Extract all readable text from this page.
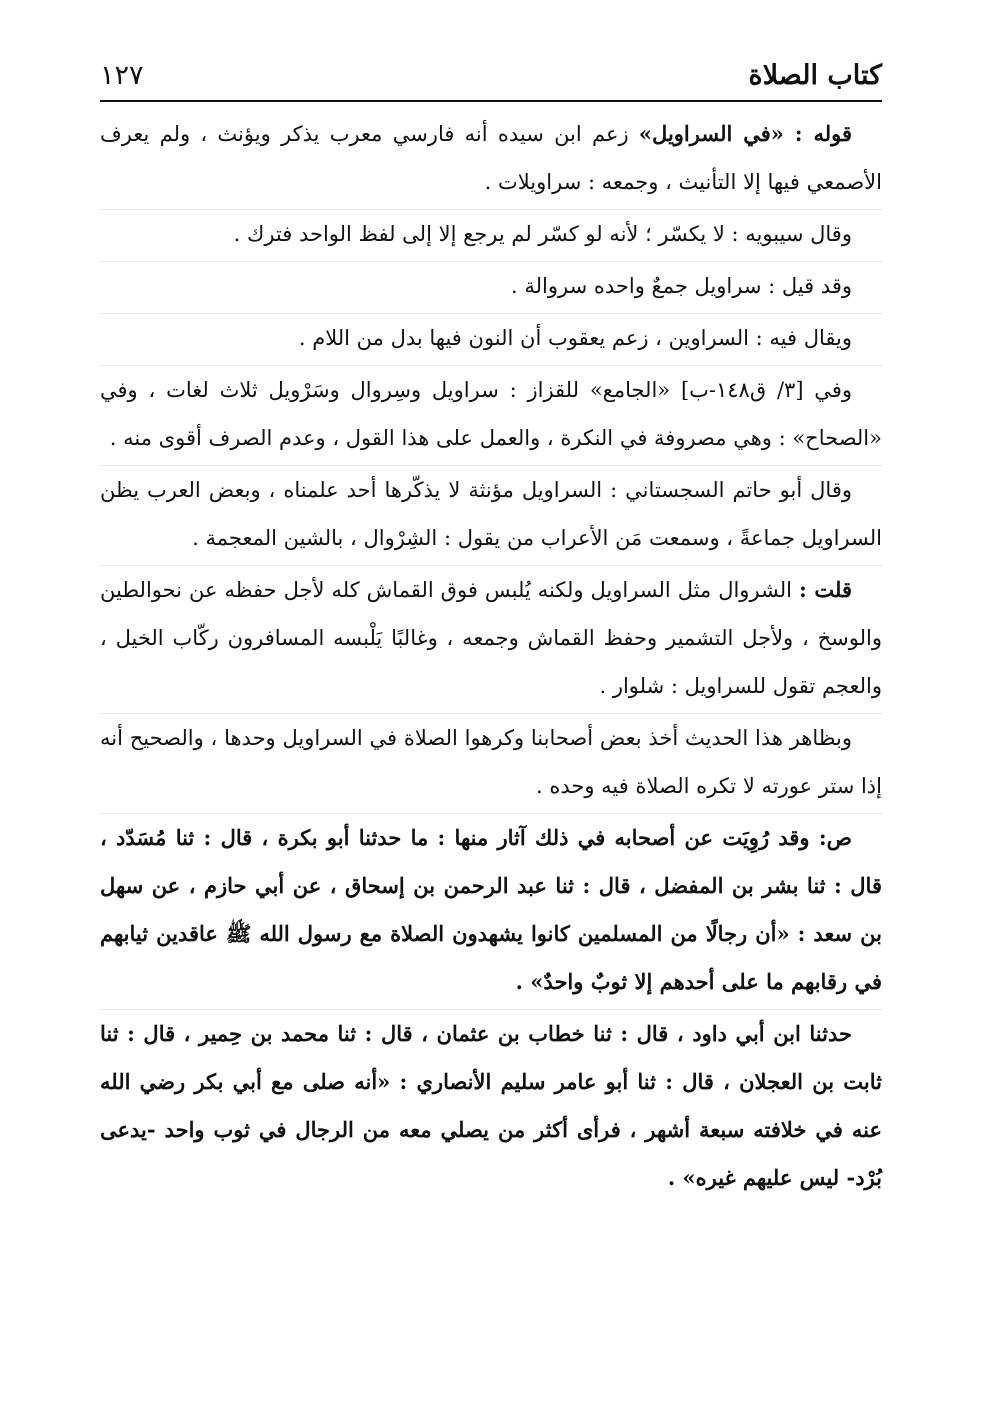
كتاب الصلاة
١٢٧

قوله : «في السراويل» زعم ابن سيده أنه فارسي معرب يذكر ويؤنث ، ولم يعرف الأصمعي فيها إلا التأنيث ، وجمعه : سراويلات .

وقال سيبويه : لا يكسّر ؛ لأنه لو كسّر لم يرجع إلا إلى لفظ الواحد فترك .

وقد قيل : سراويل جمعٌ واحده سروالة .

ويقال فيه : السراوين ، زعم يعقوب أن النون فيها بدل من اللام .

وفي [٣/ ق١٤٨-ب] «الجامع» للقزاز : سراويل وسِروال وسَرْويل ثلاث لغات ، وفي «الصحاح» : وهي مصروفة في النكرة ، والعمل على هذا القول ، وعدم الصرف أقوى منه .

وقال أبو حاتم السجستاني : السراويل مؤنثة لا يذكّرها أحد علمناه ، وبعض العرب يظن السراويل جماعةً ، وسمعت مَن الأعراب من يقول : الشِرْوال ، بالشين المعجمة .

قلت : الشروال مثل السراويل ولكنه يُلبس فوق القماش كله لأجل حفظه عن نحوالطين والوسخ ، ولأجل التشمير وحفظ القماش وجمعه ، وغالبًا يَلْبسه المسافرون ركّاب الخيل ، والعجم تقول للسراويل : شلوار .

وبظاهر هذا الحديث أخذ بعض أصحابنا وكرهوا الصلاة في السراويل وحدها ، والصحيح أنه إذا ستر عورته لا تكره الصلاة فيه وحده .

ص: وقد رُوِيَت عن أصحابه في ذلك آثار منها : ما حدثنا أبو بكرة ، قال : ثنا مُسَدّد ، قال : ثنا بشر بن المفضل ، قال : ثنا عبد الرحمن بن إسحاق ، عن أبي حازم ، عن سهل بن سعد : «أن رجالًا من المسلمين كانوا يشهدون الصلاة مع رسول الله ﷺ عاقدين ثيابهم في رقابهم ما على أحدهم إلا ثوبٌ واحدٌ» .

حدثنا ابن أبي داود ، قال : ثنا خطاب بن عثمان ، قال : ثنا محمد بن حِمير ، قال : ثنا ثابت بن العجلان ، قال : ثنا أبو عامر سليم الأنصاري : «أنه صلى مع أبي بكر رضي الله عنه في خلافته سبعة أشهر ، فرأى أكثر من يصلي معه من الرجال في ثوب واحد -يدعى بُرْد- ليس عليهم غيره» .
